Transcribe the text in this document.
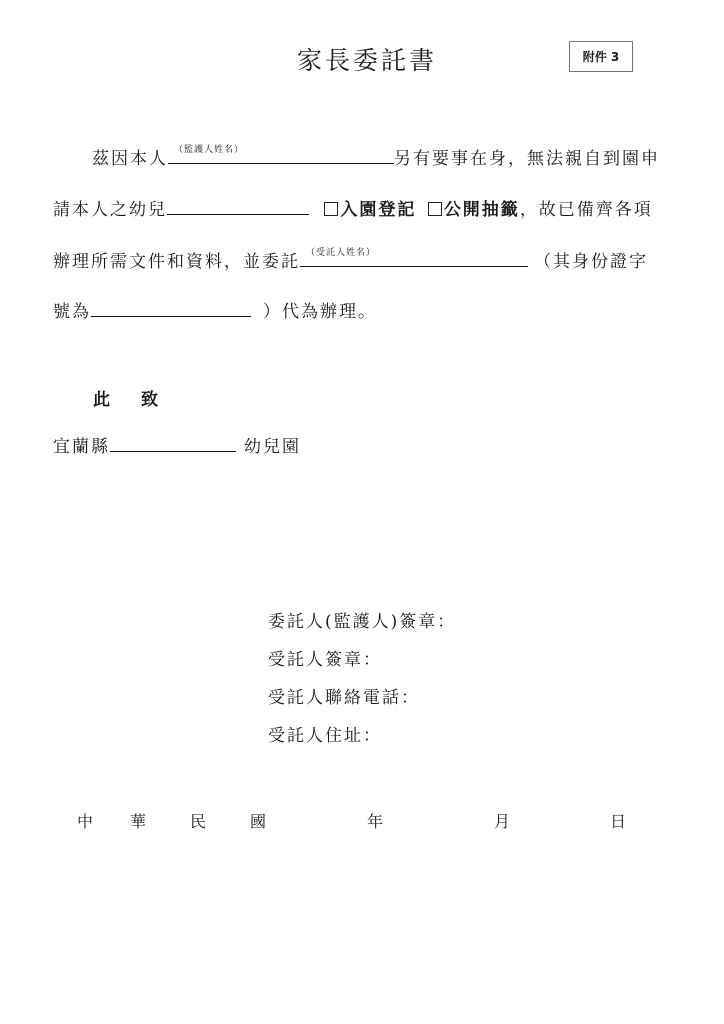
家長委託書	附件 3
茲因本人 （監護人姓名）	另有要事在身，無法親自到園申
請本人之幼兒	入園登記 公開抽籤，故已備齊各項
辦理所需文件和資料，並委託 （受託人姓名）	（其身份證字
號為	）代為辦理。
此 致
宜蘭縣	幼兒園
委託人(監護人)簽章：
受託人簽章：
受託人聯絡電話：
受託人住址：
中 華	民	國	年	月	日
